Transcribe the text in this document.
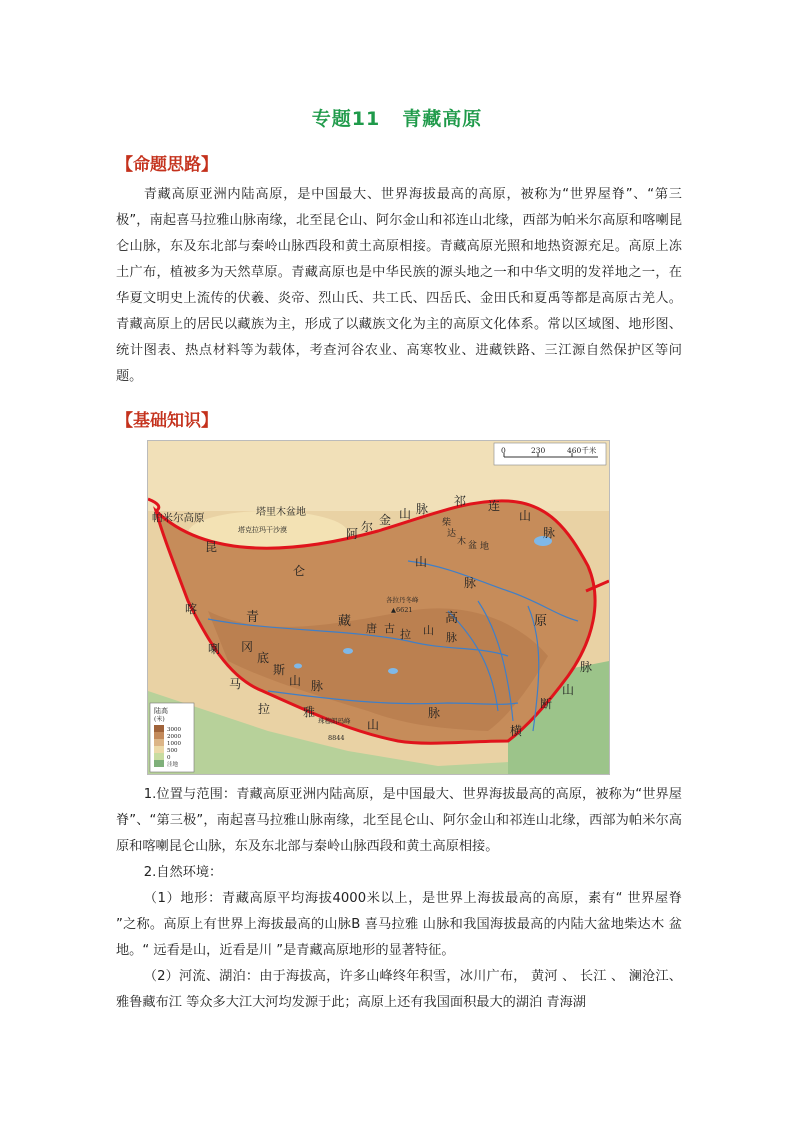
专题11 青藏高原
【命题思路】

青藏高原亚洲内陆高原，是中国最大、世界海拔最高的高原，被称为“世界屋脊”、“第三极”，南起喜马拉雅山脉南缘，北至昆仑山、阿尔金山和祁连山北缘，西部为帕米尔高原和喀喇昆仑山脉，东及东北部与秦岭山脉西段和黄土高原相接。青藏高原光照和地热资源充足。高原上冻土广布，植被多为天然草原。青藏高原也是中华民族的源头地之一和中华文明的发祥地之一，在华夏文明史上流传的伏羲、炎帝、烈山氏、共工氏、四岳氏、金田氏和夏禹等都是高原古羌人。青藏高原上的居民以藏族为主，形成了以藏族文化为主的高原文化体系。常以区域图、地形图、统计图表、热点材料等为载体，考查河谷农业、高寒牧业、进藏铁路、三江源自然保护区等问题。

【基础知识】
0	230	460千米
帕米尔高原	塔里木盆地
塔克拉玛干沙漠	阿 尔 金 山 脉
祁 连
山
脉
柴
达
木 盆 地
昆
仑
山
脉
青	藏	高	原
喀
喇
各拉丹冬峰
▲6621
唐 古 拉 山
脉
冈
底
斯
山 脉
马
拉	雅
山
脉
珠穆朗玛峰
8844	横
断
山
脉
陆高
(米)
3000
2000
1000
500
0
洼地

1.位置与范围：青藏高原亚洲内陆高原，是中国最大、世界海拔最高的高原，被称为“世界屋脊”、“第三极”，南起喜马拉雅山脉南缘，北至昆仑山、阿尔金山和祁连山北缘，西部为帕米尔高原和喀喇昆仑山脉，东及东北部与秦岭山脉西段和黄土高原相接。

2.自然环境：

（1）地形：青藏高原平均海拔4000米以上，是世界上海拔最高的高原，素有“ 世界屋脊 ”之称。高原上有世界上海拔最高的山脉B 喜马拉雅 山脉和我国海拔最高的内陆大盆地柴达木 盆地。“ 远看是山，近看是川 ”是青藏高原地形的显著特征。

（2）河流、湖泊：由于海拔高，许多山峰终年积雪，冰川广布， 黄河 、 长江 、 澜沧江、 雅鲁藏布江 等众多大江大河均发源于此；高原上还有我国面积最大的湖泊 青海湖
